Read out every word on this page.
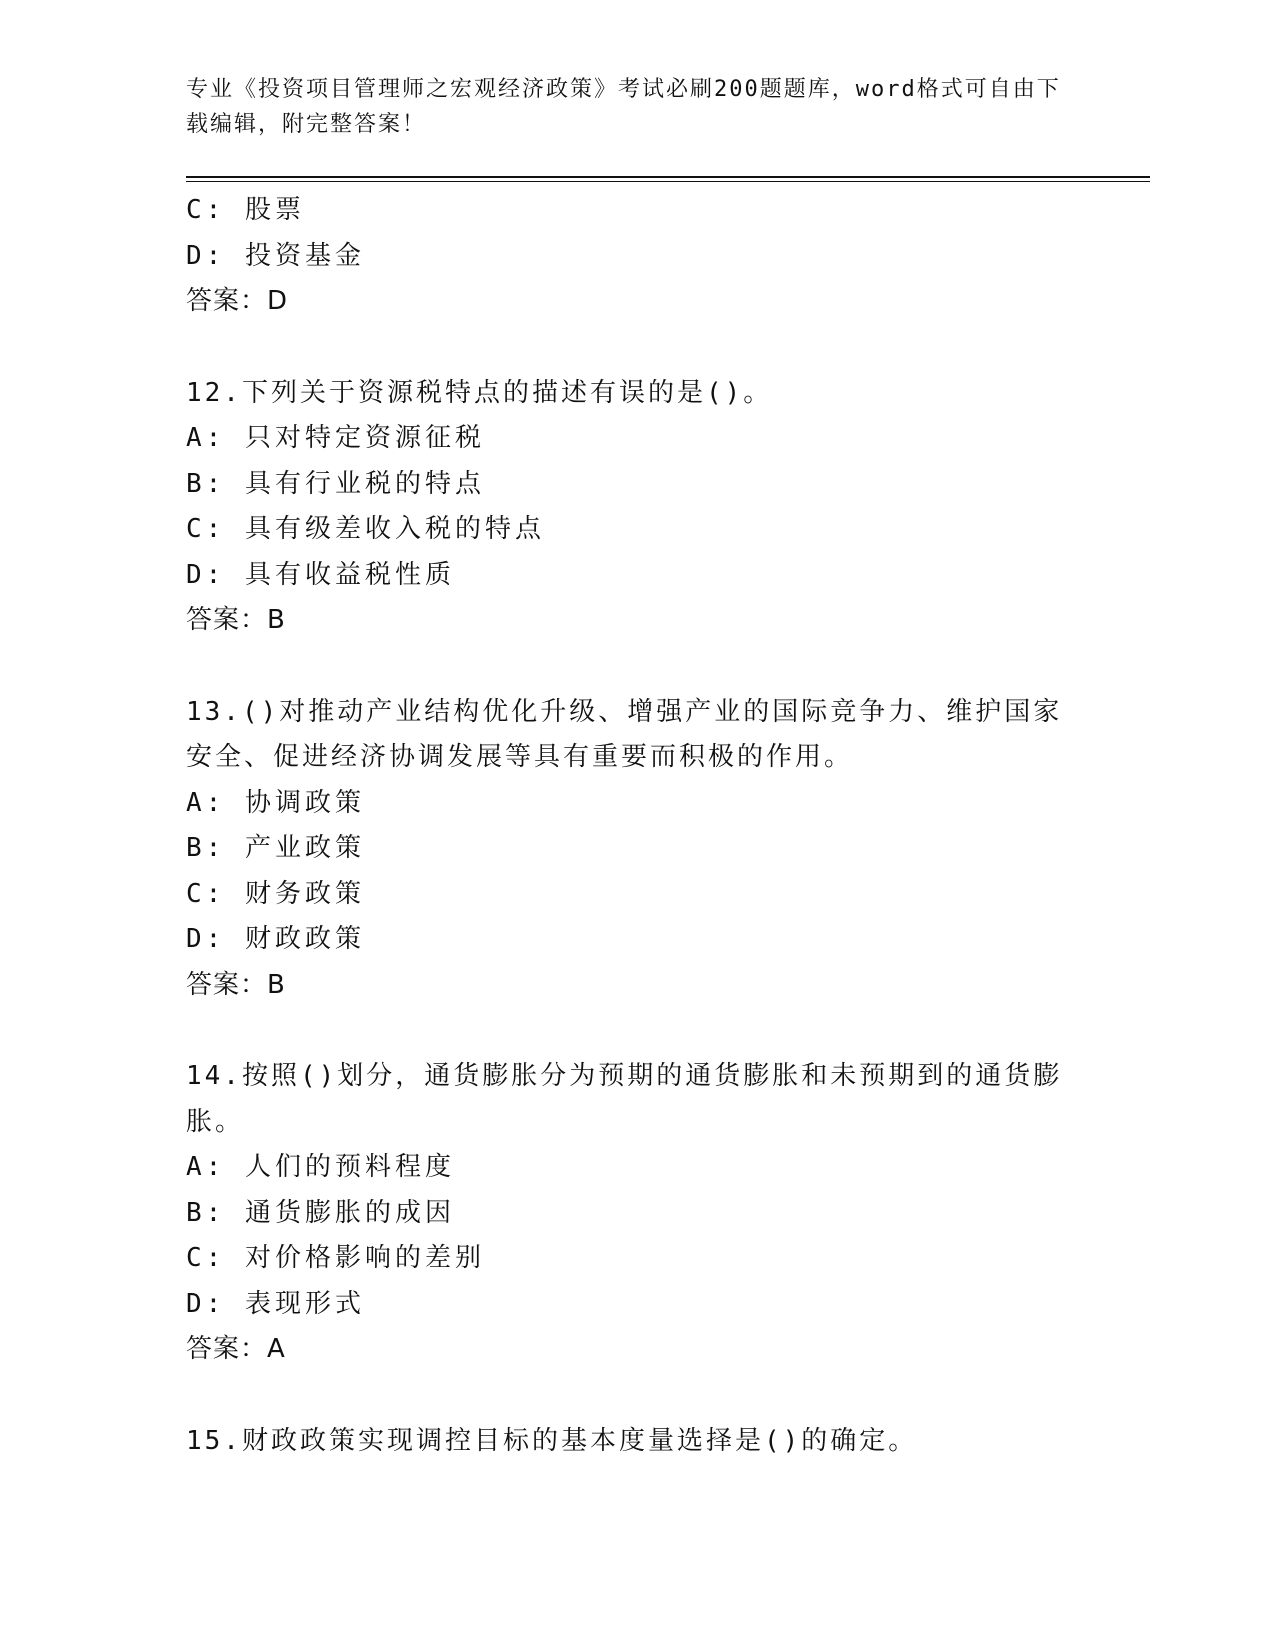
专业《投资项目管理师之宏观经济政策》考试必刷200题题库，word格式可自由下载编辑，附完整答案！

C: 股票

D: 投资基金

答案：D

12.下列关于资源税特点的描述有误的是()。

A: 只对特定资源征税

B: 具有行业税的特点

C: 具有级差收入税的特点

D: 具有收益税性质

答案：B

13.()对推动产业结构优化升级、增强产业的国际竞争力、维护国家安全、促进经济协调发展等具有重要而积极的作用。

A: 协调政策

B: 产业政策

C: 财务政策

D: 财政政策

答案：B

14.按照()划分，通货膨胀分为预期的通货膨胀和未预期到的通货膨胀。

A: 人们的预料程度

B: 通货膨胀的成因

C: 对价格影响的差别

D: 表现形式

答案：A

15.财政政策实现调控目标的基本度量选择是()的确定。
